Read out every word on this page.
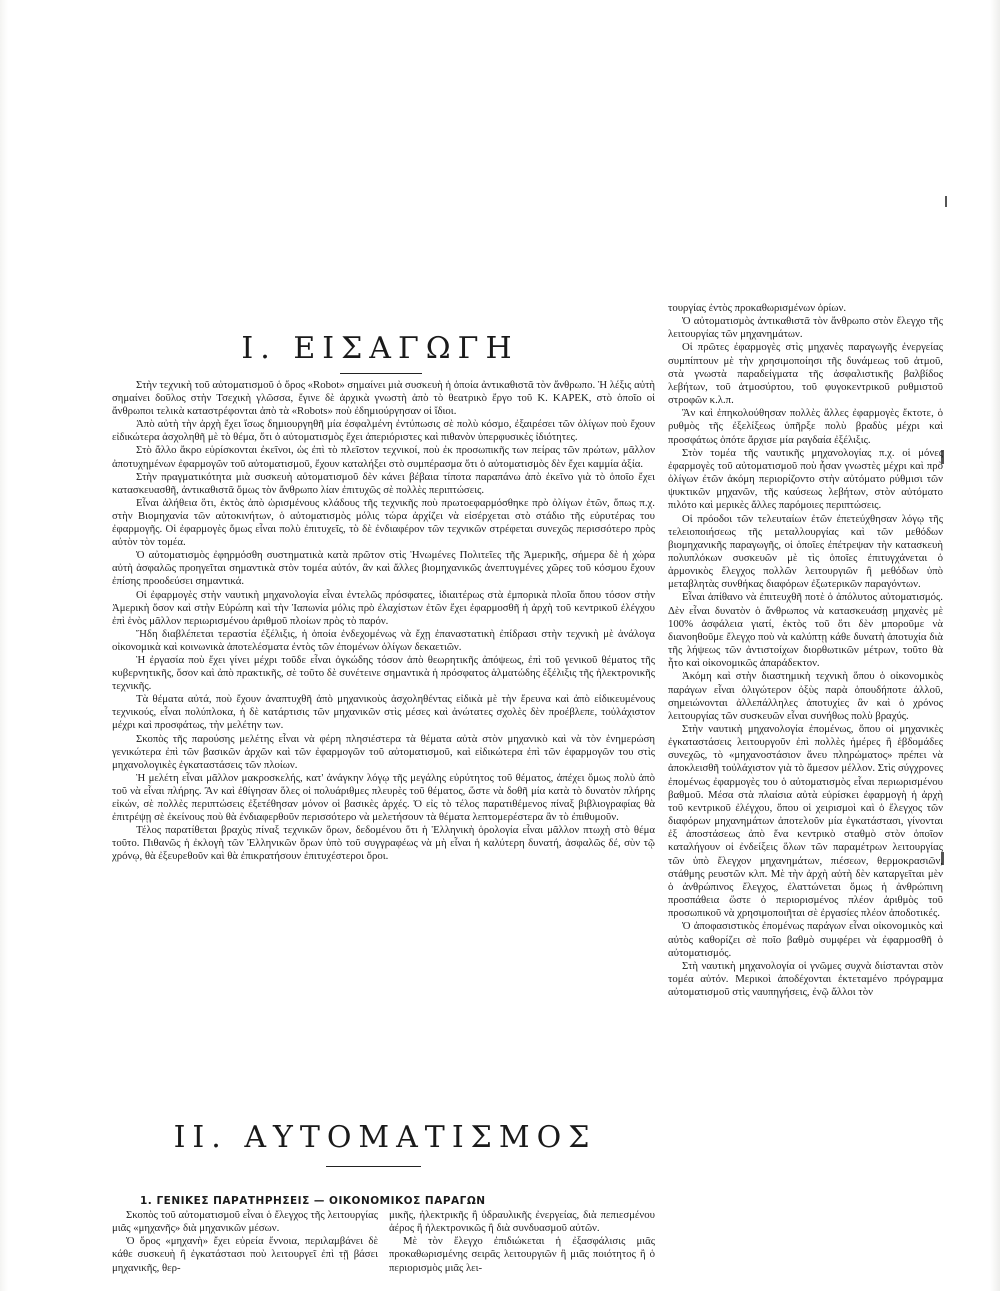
I. ΕΙΣΑΓΩΓΗ

Στὴν τεχνικὴ τοῦ αὐτοματισμοῦ ὁ ὅρος «Robot» σημαίνει μιὰ συσκευὴ ἡ ὁποία ἀντικαθιστᾶ τὸν ἄνθρωπο. Ἡ λέξις αὐτὴ σημαίνει δοῦλος στὴν Τσεχικὴ γλῶσσα, ἔγινε δὲ ἀρχικὰ γνωστὴ ἀπὸ τὸ θεατρικὸ ἔργο τοῦ Κ. ΚΑΡΕΚ, στὸ ὁποῖο οἱ ἄνθρωποι τελικὰ καταστρέφονται ἀπὸ τὰ «Robots» ποὺ ἐδημιούργησαν οἱ ἴδιοι.

Ἀπὸ αὐτὴ τὴν ἀρχὴ ἔχει ἴσως δημιουργηθῆ μία ἐσφαλμένη ἐντύπωσις σὲ πολὺ κόσμο, ἐξαιρέσει τῶν ὀλίγων ποὺ ἔχουν εἰδικώτερα ἀσχοληθῆ μὲ τὸ θέμα, ὅτι ὁ αὐτοματισμὸς ἔχει ἀπεριόριστες καὶ πιθανὸν ὑπερφυσικὲς ἰδιότητες.

Στὸ ἄλλο ἄκρο εὑρίσκονται ἐκεῖνοι, ὡς ἐπὶ τὸ πλεῖστον τεχνικοί, ποὺ ἐκ προσωπικῆς των πείρας τῶν πρώτων, μᾶλλον ἀποτυχημένων ἐφαρμογῶν τοῦ αὐτοματισμοῦ, ἔχουν καταλήξει στὸ συμπέρασμα ὅτι ὁ αὐτοματισμὸς δὲν ἔχει καμμία ἀξία.

Στὴν πραγματικότητα μιὰ συσκευὴ αὐτοματισμοῦ δὲν κάνει βέβαια τίποτα παραπάνω ἀπὸ ἐκεῖνο γιὰ τὸ ὁποῖο ἔχει κατασκευασθῆ, ἀντικαθιστᾶ ὅμως τὸν ἄνθρωπο λίαν ἐπιτυχῶς σὲ πολλὲς περιπτώσεις.

Εἶναι ἀλήθεια ὅτι, ἐκτὸς ἀπὸ ὡρισμένους κλάδους τῆς τεχνικῆς ποὺ πρωτοεφαρμόσθηκε πρὸ ὀλίγων ἐτῶν, ὅπως π.χ. στὴν Βιομηχανία τῶν αὐτοκινήτων, ὁ αὐτοματισμὸς μόλις τώρα ἀρχίζει νὰ εἰσέρχεται στὸ στάδιο τῆς εὐρυτέρας του ἐφαρμογῆς. Οἱ ἐφαρμογὲς ὅμως εἶναι πολὺ ἐπιτυχεῖς, τὸ δὲ ἐνδιαφέρον τῶν τεχνικῶν στρέφεται συνεχῶς περισσότερο πρὸς αὐτὸν τὸν τομέα.

Ὁ αὐτοματισμὸς ἐφηρμόσθη συστηματικὰ κατὰ πρῶτον στὶς Ἡνωμένες Πολιτεῖες τῆς Ἀμερικῆς, σήμερα δὲ ἡ χώρα αὐτὴ ἀσφαλῶς προηγεῖται σημαντικὰ στὸν τομέα αὐτόν, ἂν καὶ ἄλλες βιομηχανικῶς ἀνεπτυγμένες χῶρες τοῦ κόσμου ἔχουν ἐπίσης προοδεύσει σημαντικά.

Οἱ ἐφαρμογὲς στὴν ναυτικὴ μηχανολογία εἶναι ἐντελῶς πρόσφατες, ἰδιαιτέρως στὰ ἐμπορικὰ πλοῖα ὅπου τόσον στὴν Ἀμερικὴ ὅσον καὶ στὴν Εὐρώπη καὶ τὴν Ἰαπωνία μόλις πρὸ ἐλαχίστων ἐτῶν ἔχει ἐφαρμοσθῆ ἡ ἀρχὴ τοῦ κεντρικοῦ ἐλέγχου ἐπὶ ἑνὸς μᾶλλον περιωρισμένου ἀριθμοῦ πλοίων πρὸς τὸ παρόν.

Ἤδη διαβλέπεται τεραστία ἐξέλιξις, ἡ ὁποία ἐνδεχομένως νὰ ἔχῃ ἐπαναστατικὴ ἐπίδρασι στὴν τεχνικὴ μὲ ἀνάλογα οἰκονομικὰ καὶ κοινωνικὰ ἀποτελέσματα ἐντὸς τῶν ἐπομένων ὀλίγων δεκαετιῶν.

Ἡ ἐργασία ποὺ ἔχει γίνει μέχρι τοῦδε εἶναι ὀγκώδης τόσον ἀπὸ θεωρητικῆς ἀπόψεως, ἐπὶ τοῦ γενικοῦ θέματος τῆς κυβερνητικῆς, ὅσον καὶ ἀπὸ πρακτικῆς, σὲ τοῦτο δὲ συνέτεινε σημαντικὰ ἡ πρόσφατος ἁλματώδης ἐξέλιξις τῆς ἠλεκτρονικῆς τεχνικῆς.

Τὰ θέματα αὐτά, ποὺ ἔχουν ἀναπτυχθῆ ἀπὸ μηχανικοὺς ἀσχοληθέντας εἰδικὰ μὲ τὴν ἔρευνα καὶ ἀπὸ εἰδικευμένους τεχνικούς, εἶναι πολύπλοκα, ἡ δὲ κατάρτισις τῶν μηχανικῶν στὶς μέσες καὶ ἀνώτατες σχολὲς δὲν προέβλεπε, τοὐλάχιστον μέχρι καὶ προσφάτως, τὴν μελέτην των.

Σκοπὸς τῆς παρούσης μελέτης εἶναι νὰ φέρη πλησιέστερα τὰ θέματα αὐτὰ στὸν μηχανικὸ καὶ νὰ τὸν ἐνημερώση γενικώτερα ἐπὶ τῶν βασικῶν ἀρχῶν καὶ τῶν ἐφαρμογῶν τοῦ αὐτοματισμοῦ, καὶ εἰδικώτερα ἐπὶ τῶν ἐφαρμογῶν του στὶς μηχανολογικὲς ἐγκαταστάσεις τῶν πλοίων.

Ἡ μελέτη εἶναι μᾶλλον μακροσκελής, κατ' ἀνάγκην λόγῳ τῆς μεγάλης εὐρύτητος τοῦ θέματος, ἀπέχει ὅμως πολὺ ἀπὸ τοῦ νὰ εἶναι πλήρης. Ἂν καὶ ἐθίγησαν ὅλες οἱ πολυάριθμες πλευρὲς τοῦ θέματος, ὥστε νὰ δοθῆ μία κατὰ τὸ δυνατὸν πλήρης εἰκών, σὲ πολλὲς περιπτώσεις ἐξετέθησαν μόνον οἱ βασικὲς ἀρχές. Ὁ εἰς τὸ τέλος παρατιθέμενος πίναξ βιβλιογραφίας θὰ ἐπιτρέψῃ σὲ ἐκείνους ποὺ θὰ ἐνδιαφερθοῦν περισσότερο νὰ μελετήσουν τὰ θέματα λεπτομερέστερα ἂν τὸ ἐπιθυμοῦν.

Τέλος παρατίθεται βραχὺς πίναξ τεχνικῶν ὅρων, δεδομένου ὅτι ἡ Ἑλληνικὴ ὁρολογία εἶναι μᾶλλον πτωχὴ στὸ θέμα τοῦτο. Πιθανῶς ἡ ἐκλογὴ τῶν Ἑλληνικῶν ὅρων ὑπὸ τοῦ συγγραφέως νὰ μὴ εἶναι ἡ καλύτερη δυνατή, ἀσφαλῶς δέ, σὺν τῷ χρόνῳ, θὰ ἐξευρεθοῦν καὶ θὰ ἐπικρατήσουν ἐπιτυχέστεροι ὅροι.

τουργίας ἐντὸς προκαθωρισμένων ὁρίων.

Ὁ αὐτοματισμὸς ἀντικαθιστᾶ τὸν ἄνθρωπο στὸν ἔλεγχο τῆς λειτουργίας τῶν μηχανημάτων.

Οἱ πρῶτες ἐφαρμογὲς στὶς μηχανὲς παραγωγῆς ἐνεργείας συμπίπτουν μὲ τὴν χρησιμοποίησι τῆς δυνάμεως τοῦ ἀτμοῦ, στὰ γνωστὰ παραδείγματα τῆς ἀσφαλιστικῆς βαλβίδος λεβήτων, τοῦ ἀτμοσύρτου, τοῦ φυγοκεντρικοῦ ρυθμιστοῦ στροφῶν κ.λ.π.

Ἂν καὶ ἐπηκολούθησαν πολλὲς ἄλλες ἐφαρμογὲς ἔκτοτε, ὁ ρυθμὸς τῆς ἐξελίξεως ὑπῆρξε πολὺ βραδὺς μέχρι καὶ προσφάτως ὁπότε ἄρχισε μία ραγδαία ἐξέλιξις.

Στὸν τομέα τῆς ναυτικῆς μηχανολογίας π.χ. οἱ μόνες ἐφαρμογὲς τοῦ αὐτοματισμοῦ ποὺ ἦσαν γνωστὲς μέχρι καὶ πρὸ ὀλίγων ἐτῶν ἀκόμη περιορίζοντο στὴν αὐτόματο ρύθμισι τῶν ψυκτικῶν μηχανῶν, τῆς καύσεως λεβήτων, στὸν αὐτόματο πιλότο καὶ μερικὲς ἄλλες παρόμοιες περιπτώσεις.

Οἱ πρόοδοι τῶν τελευταίων ἐτῶν ἐπετεύχθησαν λόγῳ τῆς τελειοποιήσεως τῆς μεταλλουργίας καὶ τῶν μεθόδων βιομηχανικῆς παραγωγῆς, οἱ ὁποῖες ἐπέτρεψαν τὴν κατασκευὴ πολυπλόκων συσκευῶν μὲ τὶς ὁποῖες ἐπιτυγχάνεται ὁ ἁρμονικὸς ἔλεγχος πολλῶν λειτουργιῶν ἢ μεθόδων ὑπὸ μεταβλητὰς συνθήκας διαφόρων ἐξωτερικῶν παραγόντων.

Εἶναι ἀπίθανο νὰ ἐπιτευχθῆ ποτὲ ὁ ἀπόλυτος αὐτοματισμός. Δὲν εἶναι δυνατὸν ὁ ἄνθρωπος νὰ κατασκευάσῃ μηχανὲς μὲ 100% ἀσφάλεια γιατί, ἐκτὸς τοῦ ὅτι δὲν μποροῦμε νὰ διανοηθοῦμε ἔλεγχο ποὺ νὰ καλύπτῃ κάθε δυνατὴ ἀποτυχία διὰ τῆς λήψεως τῶν ἀντιστοίχων διορθωτικῶν μέτρων, τοῦτο θὰ ἦτο καὶ οἰκονομικῶς ἀπαράδεκτον.

Ἀκόμη καὶ στὴν διαστημικὴ τεχνικὴ ὅπου ὁ οἰκονομικὸς παράγων εἶναι ὀλιγώτερον ὀξὺς παρὰ ὁπουδήποτε ἀλλοῦ, σημειώνονται ἀλλεπάλληλες ἀποτυχίες ἂν καὶ ὁ χρόνος λειτουργίας τῶν συσκευῶν εἶναι συνήθως πολὺ βραχύς.

Στὴν ναυτικὴ μηχανολογία ἐπομένως, ὅπου οἱ μηχανικὲς ἐγκαταστάσεις λειτουργοῦν ἐπὶ πολλὲς ἡμέρες ἢ ἑβδομάδες συνεχῶς, τὸ «μηχανοστάσιον ἄνευ πληρώματος» πρέπει νὰ ἀποκλεισθῆ τοὐλάχιστον γιὰ τὸ ἄμεσον μέλλον. Στὶς σύγχρονες ἐπομένως ἐφαρμογὲς του ὁ αὐτοματισμὸς εἶναι περιωρισμένου βαθμοῦ. Μέσα στὰ πλαίσια αὐτὰ εὑρίσκει ἐφαρμογὴ ἡ ἀρχὴ τοῦ κεντρικοῦ ἐλέγχου, ὅπου οἱ χειρισμοὶ καὶ ὁ ἔλεγχος τῶν διαφόρων μηχανημάτων ἀποτελοῦν μία ἐγκατάστασι, γίνονται ἐξ ἀποστάσεως ἀπὸ ἕνα κεντρικὸ σταθμὸ στὸν ὁποῖον καταλήγουν οἱ ἐνδείξεις ὅλων τῶν παραμέτρων λειτουργίας τῶν ὑπὸ ἔλεγχον μηχανημάτων, πιέσεων, θερμοκρασιῶν, στάθμης ρευστῶν κλπ. Μὲ τὴν ἀρχὴ αὐτὴ δὲν καταργεῖται μὲν ὁ ἀνθρώπινος ἔλεγχος, ἐλαττώνεται ὅμως ἡ ἀνθρώπινη προσπάθεια ὥστε ὁ περιορισμένος πλέον ἀριθμὸς τοῦ προσωπικοῦ νὰ χρησιμοποιῆται σὲ ἐργασίες πλέον ἀποδοτικές.

Ὁ ἀποφασιστικὸς ἐπομένως παράγων εἶναι οἰκονομικὸς καὶ αὐτὸς καθορίζει σὲ ποῖο βαθμὸ συμφέρει νὰ ἐφαρμοσθῆ ὁ αὐτοματισμός.

Στὴ ναυτικὴ μηχανολογία οἱ γνῶμες συχνὰ διίστανται στὸν τομέα αὐτόν. Μερικοὶ ἀποδέχονται ἐκτεταμένο πρόγραμμα αὐτοματισμοῦ στὶς ναυπηγήσεις, ἐνῷ ἄλλοι τὸν

II. ΑΥΤΟΜΑΤΙΣΜΟΣ
1. ΓΕΝΙΚΕΣ ΠΑΡΑΤΗΡΗΣΕΙΣ — ΟΙΚΟΝΟΜΙΚΟΣ ΠΑΡΑΓΩΝ

Σκοπὸς τοῦ αὐτοματισμοῦ εἶναι ὁ ἔλεγχος τῆς λειτουργίας μιᾶς «μηχανῆς» διὰ μηχανικῶν μέσων.

Ὁ ὅρος «μηχανὴ» ἔχει εὐρεία ἔννοια, περιλαμβάνει δὲ κάθε συσκευὴ ἢ ἐγκατάστασι ποὺ λειτουργεῖ ἐπὶ τῇ βάσει μηχανικῆς, θερ-

μικῆς, ἠλεκτρικῆς ἢ ὑδραυλικῆς ἐνεργείας, διὰ πεπιεσμένου ἀέρος ἢ ἠλεκτρονικῶς ἢ διὰ συνδυασμοῦ αὐτῶν.

Μὲ τὸν ἔλεγχο ἐπιδιώκεται ἡ ἐξασφάλισις μιᾶς προκαθωρισμένης σειρᾶς λειτουργιῶν ἢ μιᾶς ποιότητος ἢ ὁ περιορισμὸς μιᾶς λει-
